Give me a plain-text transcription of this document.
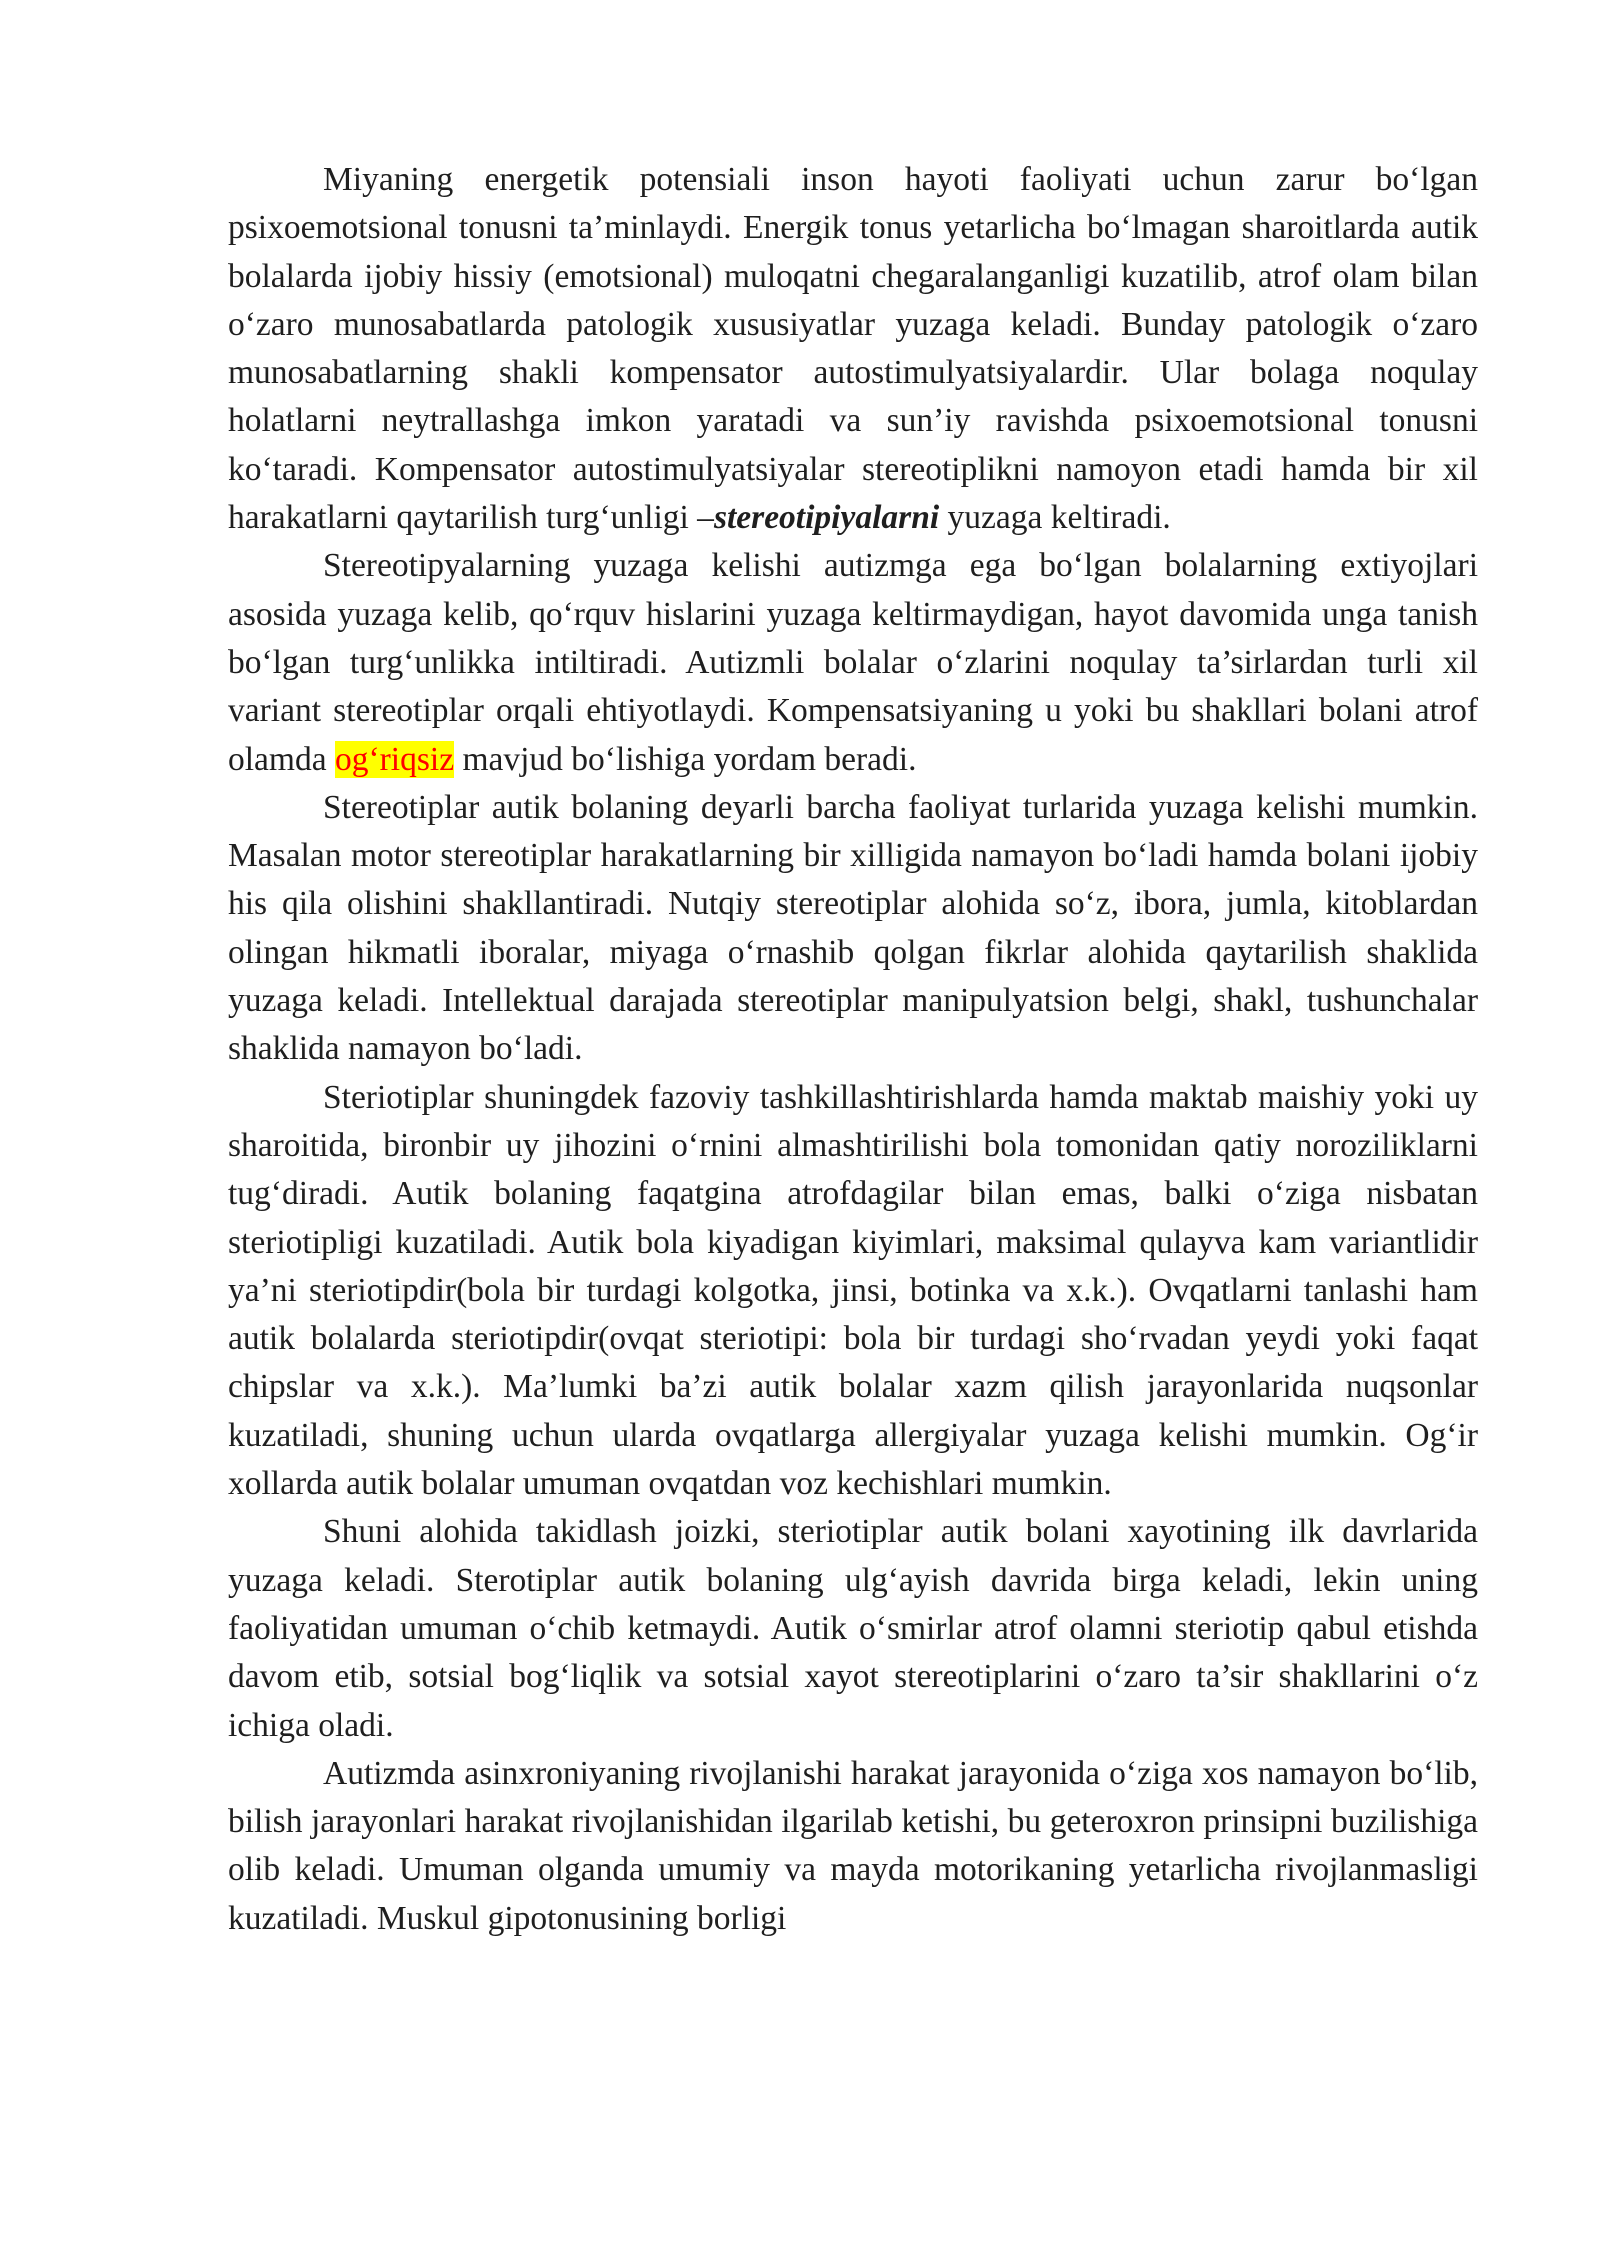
Miyaning energetik potensiali inson hayoti faoliyati uchun zarur bo‘lgan psixoemotsional tonusni ta’minlaydi. Energik tonus yetarlicha bo‘lmagan sharoitlarda autik bolalarda ijobiy hissiy (emotsional) muloqatni chegaralanganligi kuzatilib, atrof olam bilan o‘zaro munosabatlarda patologik xususiyatlar yuzaga keladi. Bunday patologik o‘zaro munosabatlarning shakli kompensator autostimulyatsiyalardir. Ular bolaga noqulay holatlarni neytrallashga imkon yaratadi va sun’iy ravishda psixoemotsional tonusni ko‘taradi. Kompensator autostimulyatsiyalar stereotiplikni namoyon etadi hamda bir xil harakatlarni qaytarilish turg‘unligi –stereotipiyalarni yuzaga keltiradi.

Stereotipyalarning yuzaga kelishi autizmga ega bo‘lgan bolalarning extiyojlari asosida yuzaga kelib, qo‘rquv hislarini yuzaga keltirmaydigan, hayot davomida unga tanish bo‘lgan turg‘unlikka intiltiradi. Autizmli bolalar o‘zlarini noqulay ta’sirlardan turli xil variant stereotiplar orqali ehtiyotlaydi. Kompensatsiyaning u yoki bu shakllari bolani atrof olamda og‘riqsiz mavjud bo‘lishiga yordam beradi.

Stereotiplar autik bolaning deyarli barcha faoliyat turlarida yuzaga kelishi mumkin. Masalan motor stereotiplar harakatlarning bir xilligida namayon bo‘ladi hamda bolani ijobiy his qila olishini shakllantiradi. Nutqiy stereotiplar alohida so‘z, ibora, jumla, kitoblardan olingan hikmatli iboralar, miyaga o‘rnashib qolgan fikrlar alohida qaytarilish shaklida yuzaga keladi. Intellektual darajada stereotiplar manipulyatsion belgi, shakl, tushunchalar shaklida namayon bo‘ladi.

Steriotiplar shuningdek fazoviy tashkillashtirishlarda hamda maktab maishiy yoki uy sharoitida, bironbir uy jihozini o‘rnini almashtirilishi bola tomonidan qatiy noroziliklarni tug‘diradi. Autik bolaning faqatgina atrofdagilar bilan emas, balki o‘ziga nisbatan steriotipligi kuzatiladi. Autik bola kiyadigan kiyimlari, maksimal qulayva kam variantlidir ya’ni steriotipdir(bola bir turdagi kolgotka, jinsi, botinka va x.k.). Ovqatlarni tanlashi ham autik bolalarda steriotipdir(ovqat steriotipi: bola bir turdagi sho‘rvadan yeydi yoki faqat chipslar va x.k.). Ma’lumki ba’zi autik bolalar xazm qilish jarayonlarida nuqsonlar kuzatiladi, shuning uchun ularda ovqatlarga allergiyalar yuzaga kelishi mumkin. Og‘ir xollarda autik bolalar umuman ovqatdan voz kechishlari mumkin.

Shuni alohida takidlash joizki, steriotiplar autik bolani xayotining ilk davrlarida yuzaga keladi. Sterotiplar autik bolaning ulg‘ayish davrida birga keladi, lekin uning faoliyatidan umuman o‘chib ketmaydi. Autik o‘smirlar atrof olamni steriotip qabul etishda davom etib, sotsial bog‘liqlik va sotsial xayot stereotiplarini o‘zaro ta’sir shakllarini o‘z ichiga oladi.

Autizmda asinxroniyaning rivojlanishi harakat jarayonida o‘ziga xos namayon bo‘lib, bilish jarayonlari harakat rivojlanishidan ilgarilab ketishi, bu geteroxron prinsipni buzilishiga olib keladi. Umuman olganda umumiy va mayda motorikaning yetarlicha rivojlanmasligi kuzatiladi. Muskul gipotonusining borligi
